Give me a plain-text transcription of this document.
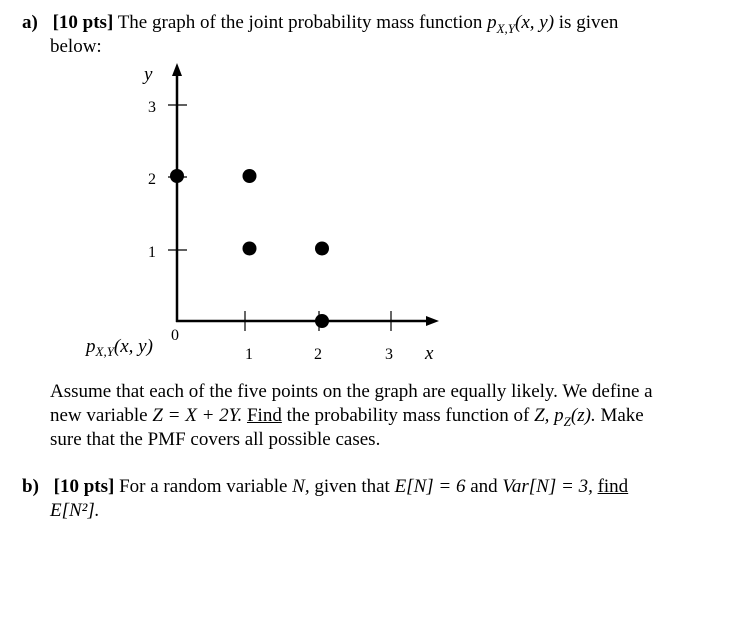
a) [10 pts] The graph of the joint probability mass function $p_{X,Y}(x$, y) is given
below:
y
3
2
1
0
1	2	3 x
$p_{X,Y}(x$, y)
Assume that each of the five points on the graph are equally likely. We define a
new variable Z = X + 2Y. Find the probability mass function of Z, $p_Z(z)$. Make
sure that the PMF covers all possible cases.
b) [10 pts] For a random variable N, given that E[N] = 6 and Var[N] = 3, find
E[N²].
